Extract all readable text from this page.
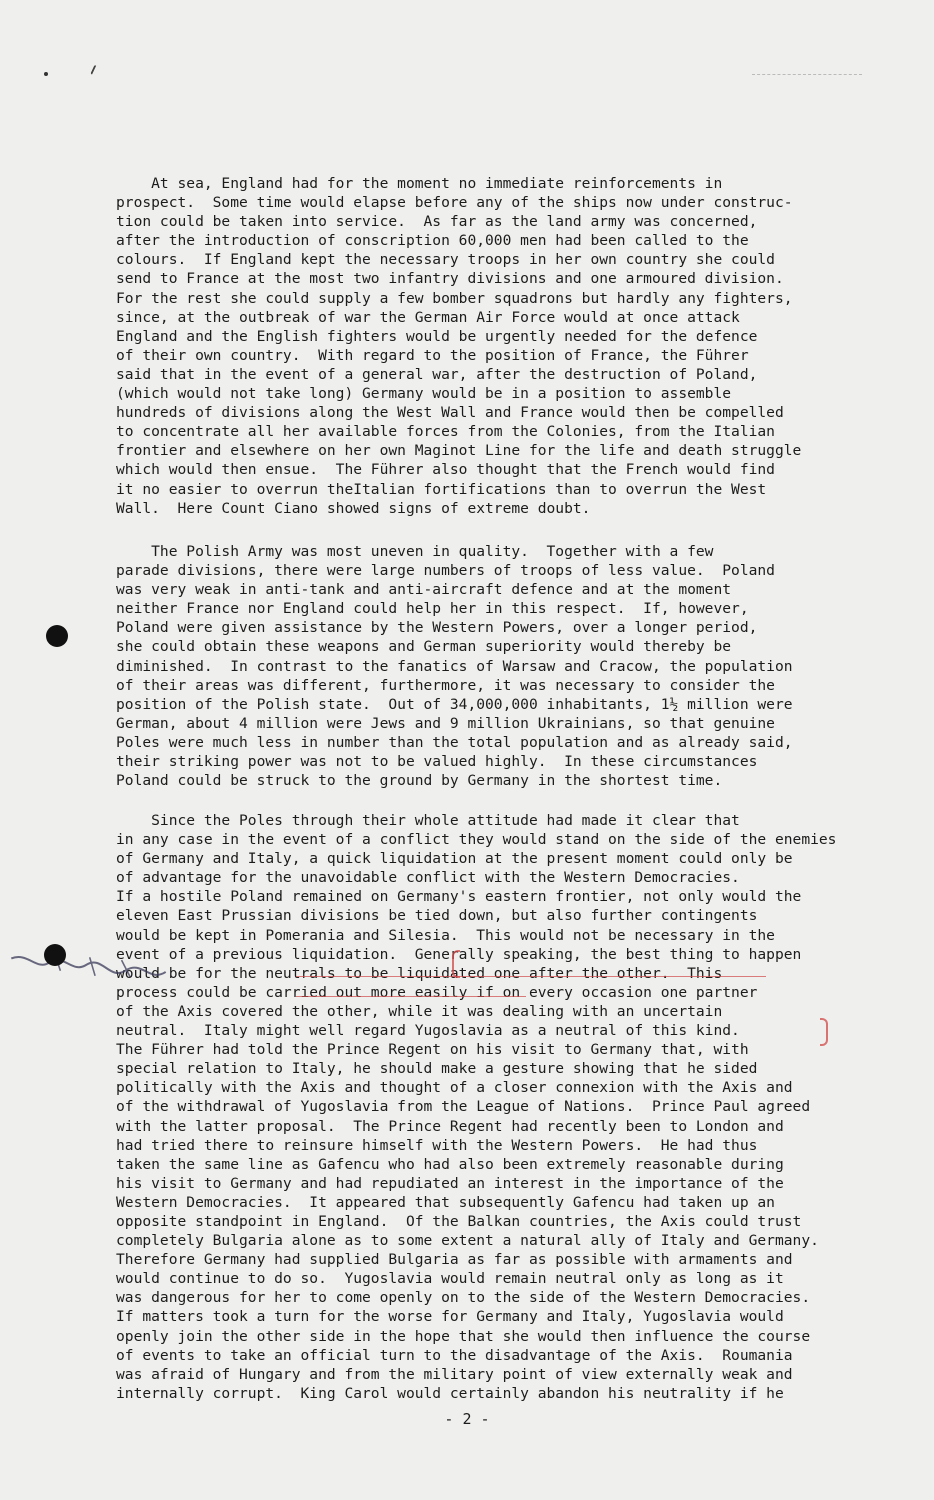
At sea, England had for the moment no immediate reinforcements in
prospect.  Some time would elapse before any of the ships now under construc-
tion could be taken into service.  As far as the land army was concerned,
after the introduction of conscription 60,000 men had been called to the
colours.  If England kept the necessary troops in her own country she could
send to France at the most two infantry divisions and one armoured division.
For the rest she could supply a few bomber squadrons but hardly any fighters,
since, at the outbreak of war the German Air Force would at once attack
England and the English fighters would be urgently needed for the defence
of their own country.  With regard to the position of France, the Führer
said that in the event of a general war, after the destruction of Poland,
(which would not take long) Germany would be in a position to assemble
hundreds of divisions along the West Wall and France would then be compelled
to concentrate all her available forces from the Colonies, from the Italian
frontier and elsewhere on her own Maginot Line for the life and death struggle
which would then ensue.  The Führer also thought that the French would find
it no easier to overrun theItalian fortifications than to overrun the West
Wall.  Here Count Ciano showed signs of extreme doubt.
The Polish Army was most uneven in quality.  Together with a few
parade divisions, there were large numbers of troops of less value.  Poland
was very weak in anti-tank and anti-aircraft defence and at the moment
neither France nor England could help her in this respect.  If, however,
Poland were given assistance by the Western Powers, over a longer period,
she could obtain these weapons and German superiority would thereby be
diminished.  In contrast to the fanatics of Warsaw and Cracow, the population
of their areas was different, furthermore, it was necessary to consider the
position of the Polish state.  Out of 34,000,000 inhabitants, 1½ million were
German, about 4 million were Jews and 9 million Ukrainians, so that genuine
Poles were much less in number than the total population and as already said,
their striking power was not to be valued highly.  In these circumstances
Poland could be struck to the ground by Germany in the shortest time.
Since the Poles through their whole attitude had made it clear that
in any case in the event of a conflict they would stand on the side of the enemies
of Germany and Italy, a quick liquidation at the present moment could only be
of advantage for the unavoidable conflict with the Western Democracies.
If a hostile Poland remained on Germany's eastern frontier, not only would the
eleven East Prussian divisions be tied down, but also further contingents
would be kept in Pomerania and Silesia.  This would not be necessary in the
event of a previous liquidation.  Generally speaking, the best thing to happen
would be for the neutrals to be liquidated one after the other.  This
process could be carried out more easily if on every occasion one partner
of the Axis covered the other, while it was dealing with an uncertain
neutral.  Italy might well regard Yugoslavia as a neutral of this kind.
The Führer had told the Prince Regent on his visit to Germany that, with
special relation to Italy, he should make a gesture showing that he sided
politically with the Axis and thought of a closer connexion with the Axis and
of the withdrawal of Yugoslavia from the League of Nations.  Prince Paul agreed
with the latter proposal.  The Prince Regent had recently been to London and
had tried there to reinsure himself with the Western Powers.  He had thus
taken the same line as Gafencu who had also been extremely reasonable during
his visit to Germany and had repudiated an interest in the importance of the
Western Democracies.  It appeared that subsequently Gafencu had taken up an
opposite standpoint in England.  Of the Balkan countries, the Axis could trust
completely Bulgaria alone as to some extent a natural ally of Italy and Germany.
Therefore Germany had supplied Bulgaria as far as possible with armaments and
would continue to do so.  Yugoslavia would remain neutral only as long as it
was dangerous for her to come openly on to the side of the Western Democracies.
If matters took a turn for the worse for Germany and Italy, Yugoslavia would
openly join the other side in the hope that she would then influence the course
of events to take an official turn to the disadvantage of the Axis.  Roumania
was afraid of Hungary and from the military point of view externally weak and
internally corrupt.  King Carol would certainly abandon his neutrality if he
- 2 -
